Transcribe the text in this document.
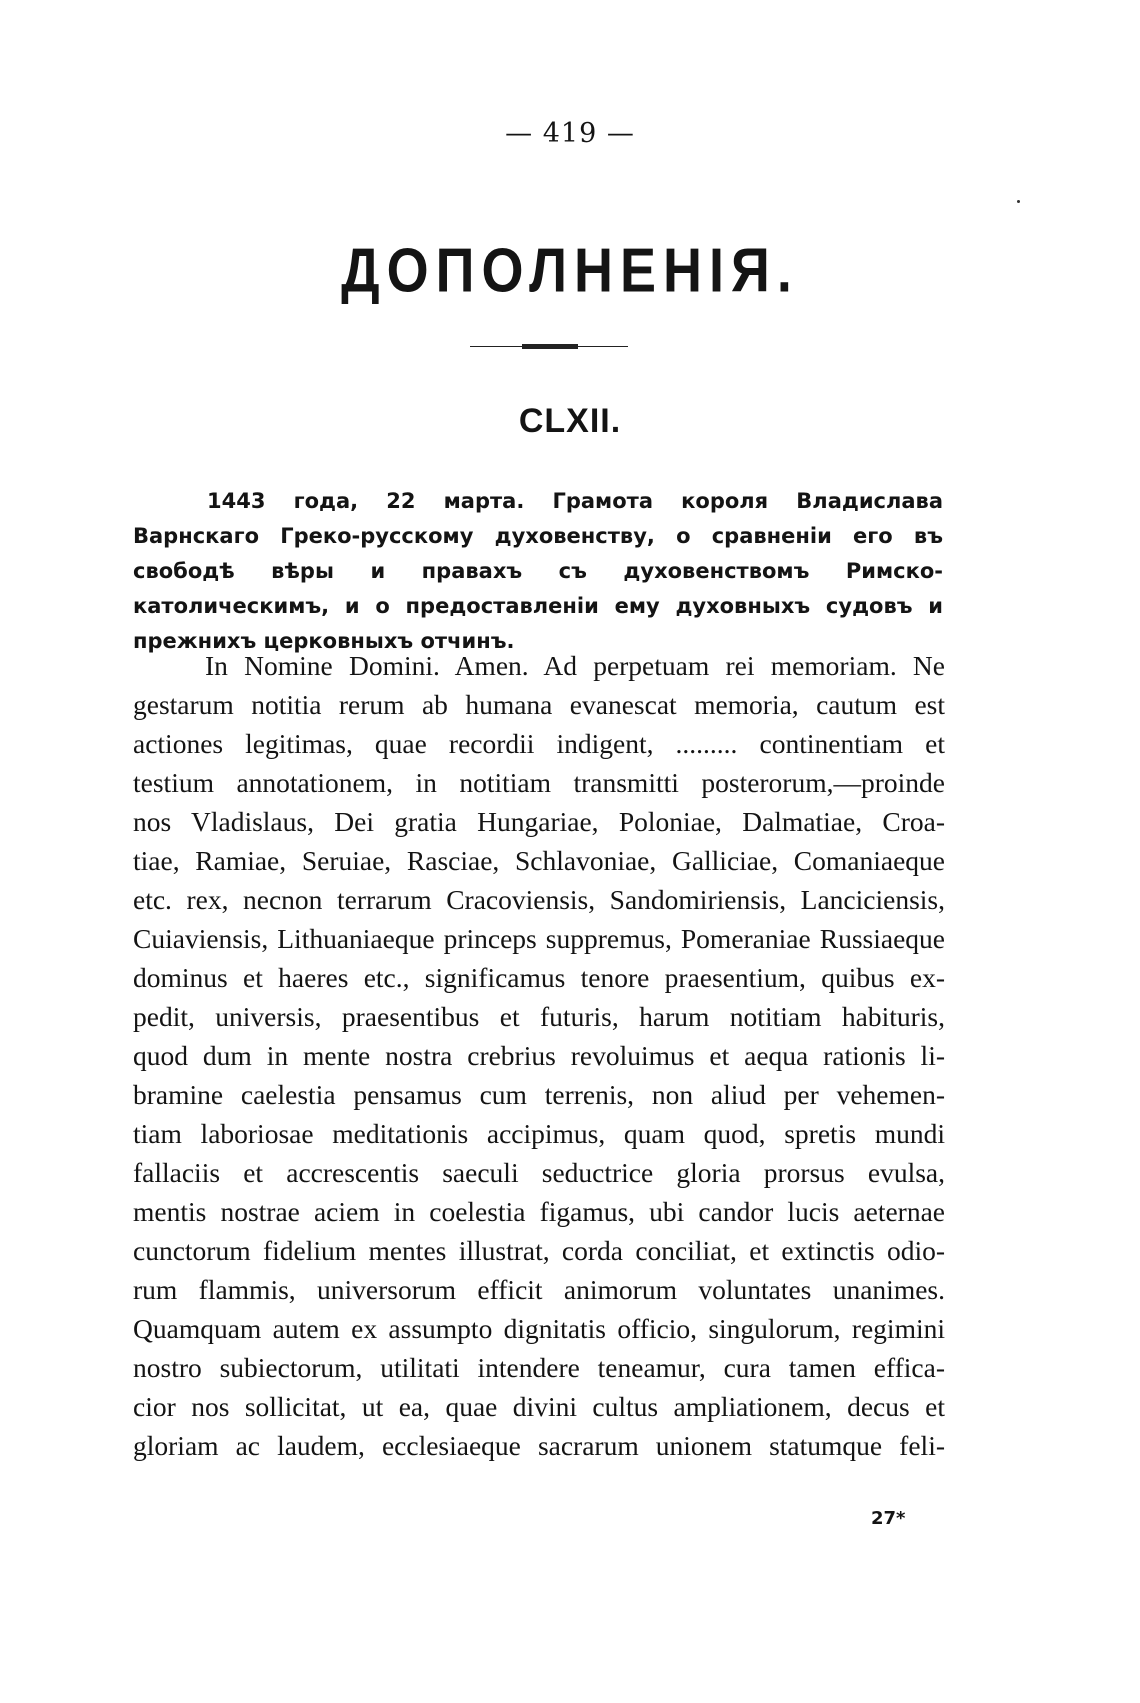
— 419 —
ДОПОЛНЕНІЯ.
CLXII.
1443 года, 22 марта. Грамота короля Владислава Варнскаго Греко-русскому духовенству, о сравненіи его въ свободѣ вѣры и правахъ съ духовенствомъ Римско-католическимъ, и о предоставленіи ему духовныхъ судовъ и прежнихъ церковныхъ отчинъ.
In Nomine Domini. Amen. Ad perpetuam rei memoriam. Ne
gestarum notitia rerum ab humana evanescat memoria, cautum est
actiones legitimas, quae recordii indigent, ......... continentiam et
testium annotationem, in notitiam transmitti posterorum,—proinde
nos Vladislaus, Dei gratia Hungariae, Poloniae, Dalmatiae, Croa-
tiae, Ramiae, Seruiae, Rasciae, Schlavoniae, Galliciae, Comaniaeque
etc. rex, necnon terrarum Cracoviensis, Sandomiriensis, Lanciciensis,
Cuiaviensis, Lithuaniaeque princeps suppremus, Pomeraniae Russiaeque
dominus et haeres etc., significamus tenore praesentium, quibus ex-
pedit, universis, praesentibus et futuris, harum notitiam habituris,
quod dum in mente nostra crebrius revoluimus et aequa rationis li-
bramine caelestia pensamus cum terrenis, non aliud per vehemen-
tiam laboriosae meditationis accipimus, quam quod, spretis mundi
fallaciis et accrescentis saeculi seductrice gloria prorsus evulsa,
mentis nostrae aciem in coelestia figamus, ubi candor lucis aeternae
cunctorum fidelium mentes illustrat, corda conciliat, et extinctis odio-
rum flammis, universorum efficit animorum voluntates unanimes.
Quamquam autem ex assumpto dignitatis officio, singulorum, regimini
nostro subiectorum, utilitati intendere teneamur, cura tamen effica-
cior nos sollicitat, ut ea, quae divini cultus ampliationem, decus et
gloriam ac laudem, ecclesiaeque sacrarum unionem statumque feli-
27*
